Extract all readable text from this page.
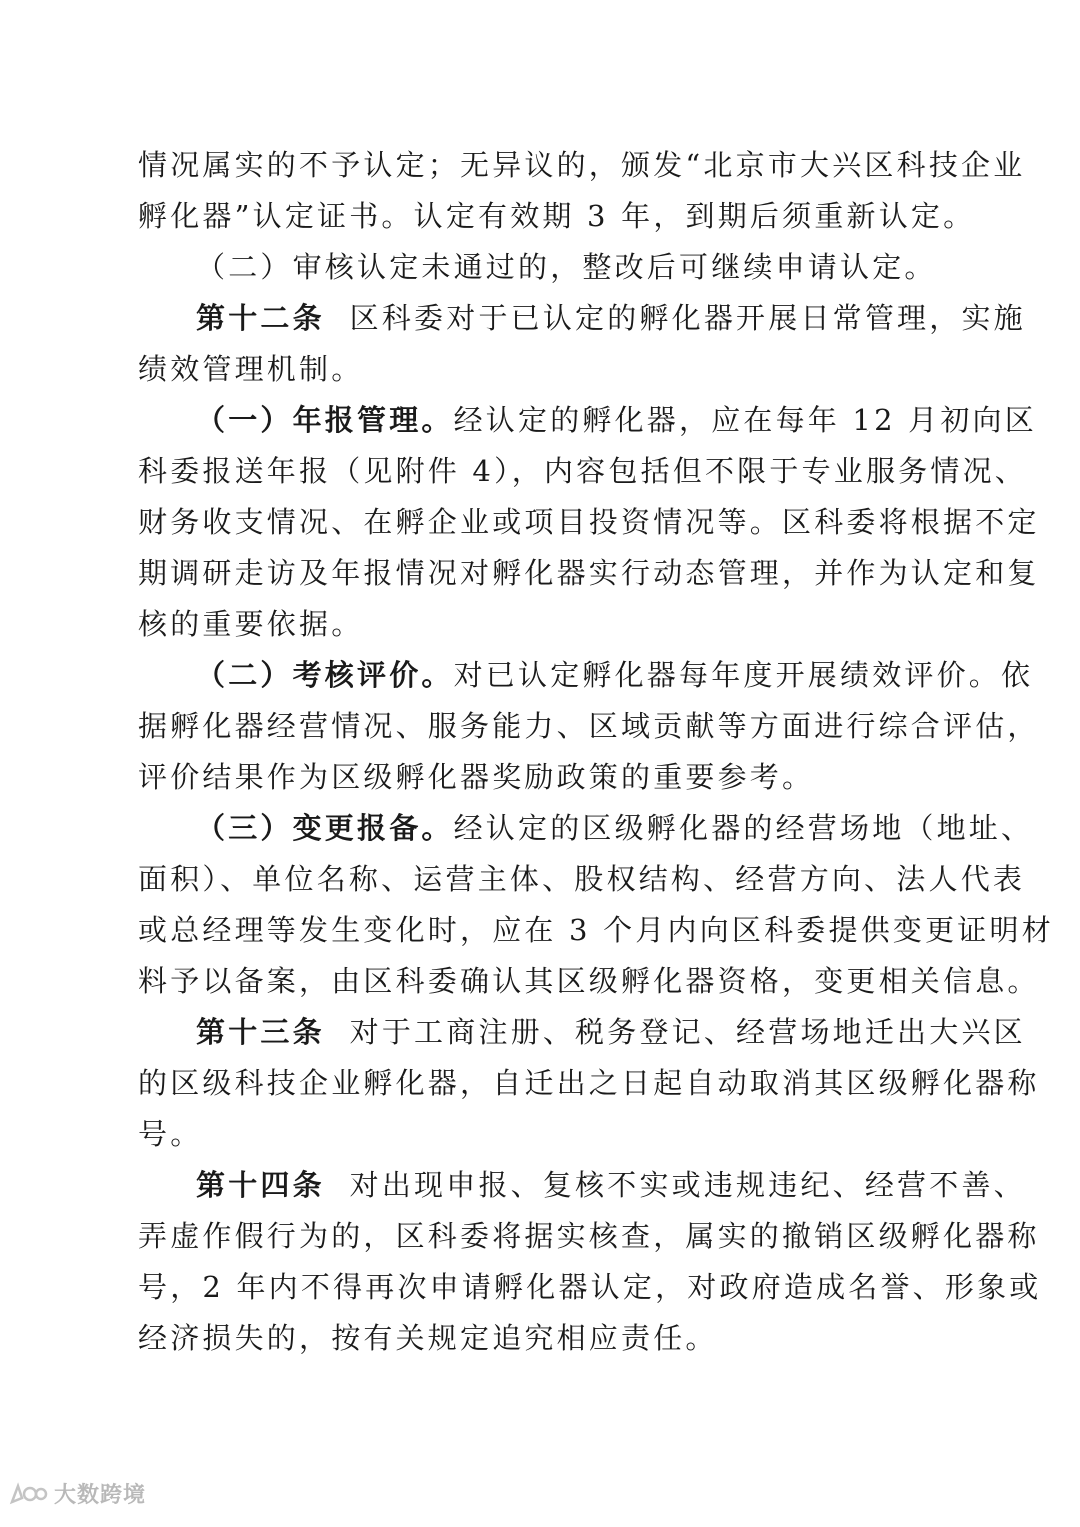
情况属实的不予认定；无异议的，颁发“北京市大兴区科技企业
孵化器”认定证书。认定有效期 3 年，到期后须重新认定。
（二）审核认定未通过的，整改后可继续申请认定。
第十二条  区科委对于已认定的孵化器开展日常管理，实施
绩效管理机制。
（一）年报管理。经认定的孵化器，应在每年 12 月初向区
科委报送年报（见附件 4），内容包括但不限于专业服务情况、
财务收支情况、在孵企业或项目投资情况等。区科委将根据不定
期调研走访及年报情况对孵化器实行动态管理，并作为认定和复
核的重要依据。
（二）考核评价。对已认定孵化器每年度开展绩效评价。依
据孵化器经营情况、服务能力、区域贡献等方面进行综合评估，
评价结果作为区级孵化器奖励政策的重要参考。
（三）变更报备。经认定的区级孵化器的经营场地（地址、
面积）、单位名称、运营主体、股权结构、经营方向、法人代表
或总经理等发生变化时，应在 3 个月内向区科委提供变更证明材
料予以备案，由区科委确认其区级孵化器资格，变更相关信息。
第十三条  对于工商注册、税务登记、经营场地迁出大兴区
的区级科技企业孵化器，自迁出之日起自动取消其区级孵化器称
号。
第十四条  对出现申报、复核不实或违规违纪、经营不善、
弄虚作假行为的，区科委将据实核查，属实的撤销区级孵化器称
号，2 年内不得再次申请孵化器认定，对政府造成名誉、形象或
经济损失的，按有关规定追究相应责任。
大数跨境
